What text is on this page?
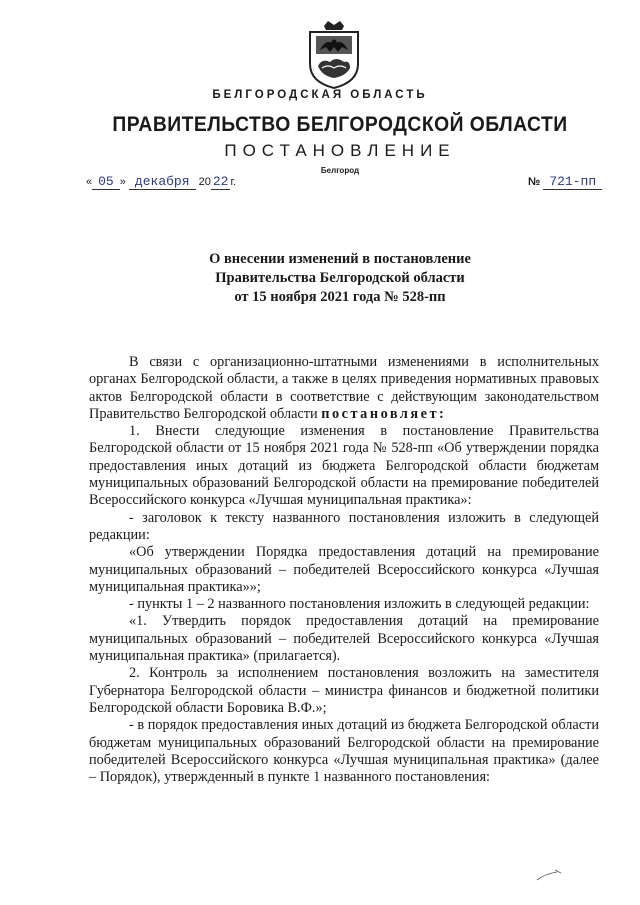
БЕЛГОРОДСКАЯ ОБЛАСТЬ
ПРАВИТЕЛЬСТВО БЕЛГОРОДСКОЙ ОБЛАСТИ
ПОСТАНОВЛЕНИЕ
Белгород
« 05 » декабря 20 22 г.	№ 721-пп
О внесении изменений в постановление
Правительства Белгородской области
от 15 ноября 2021 года № 528-пп

В связи с организационно-штатными изменениями в исполнительных органах Белгородской области, а также в целях приведения нормативных правовых актов Белгородской области в соответствие с действующим законодательством Правительство Белгородской области постановляет:

1. Внести следующие изменения в постановление Правительства Белгородской области от 15 ноября 2021 года № 528-пп «Об утверждении порядка предоставления иных дотаций из бюджета Белгородской области бюджетам муниципальных образований Белгородской области на премирование победителей Всероссийского конкурса «Лучшая муниципальная практика»:

- заголовок к тексту названного постановления изложить в следующей редакции:

«Об утверждении Порядка предоставления дотаций на премирование муниципальных образований – победителей Всероссийского конкурса «Лучшая муниципальная практика»»;

- пункты 1 – 2 названного постановления изложить в следующей редакции:

«1. Утвердить порядок предоставления дотаций на премирование муниципальных образований – победителей Всероссийского конкурса «Лучшая муниципальная практика» (прилагается).

2. Контроль за исполнением постановления возложить на заместителя Губернатора Белгородской области – министра финансов и бюджетной политики Белгородской области Боровика В.Ф.»;

- в порядок предоставления иных дотаций из бюджета Белгородской области бюджетам муниципальных образований Белгородской области на премирование победителей Всероссийского конкурса «Лучшая муниципальная практика» (далее – Порядок), утвержденный в пункте 1 названного постановления:
